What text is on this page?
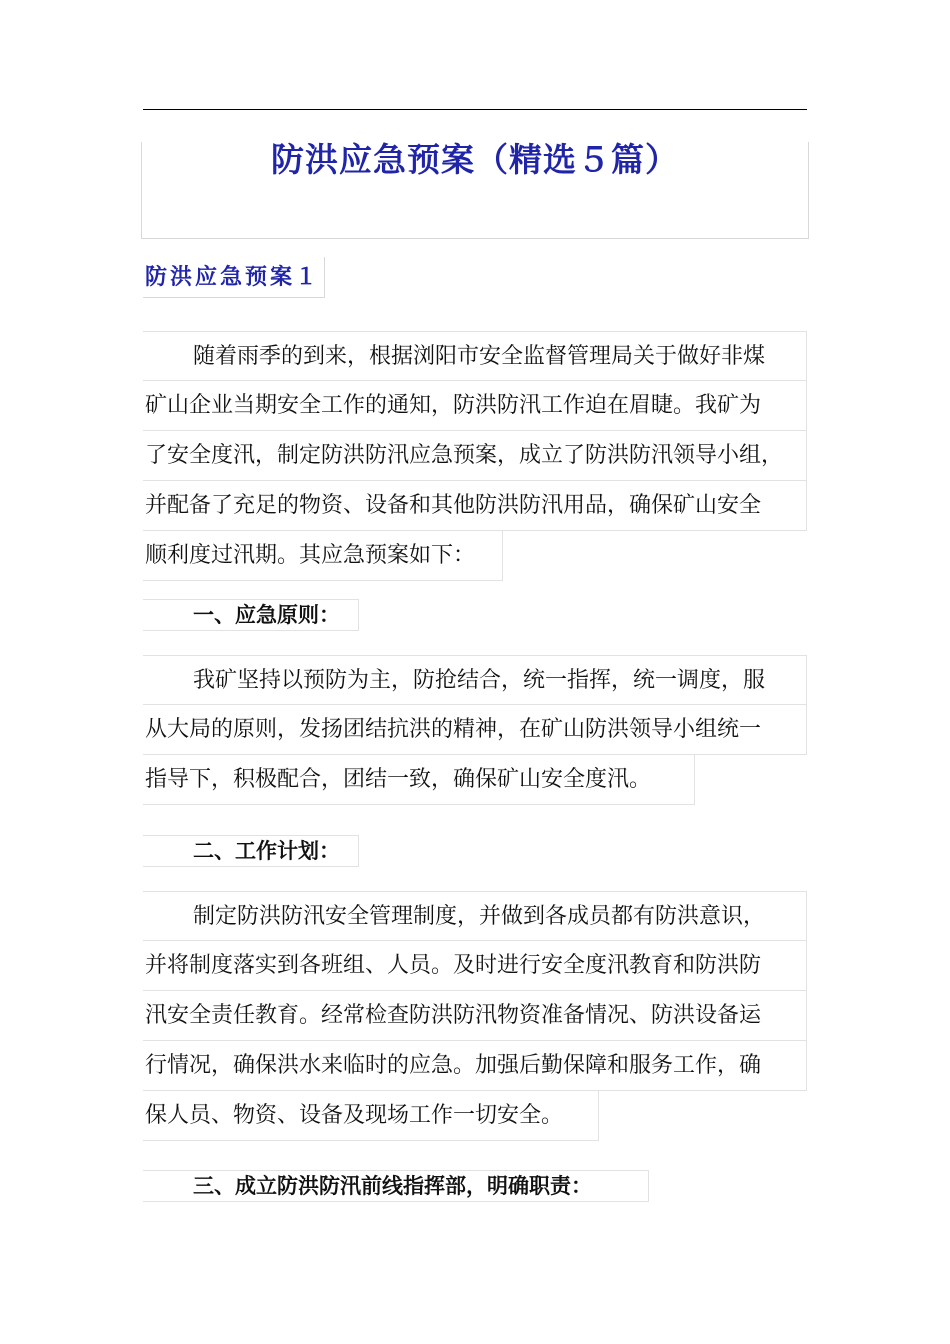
防洪应急预案（精选５篇）
防洪应急预案１
随着雨季的到来，根据浏阳市安全监督管理局关于做好非煤
矿山企业当期安全工作的通知，防洪防汛工作迫在眉睫。我矿为
了安全度汛，制定防洪防汛应急预案，成立了防洪防汛领导小组，
并配备了充足的物资、设备和其他防洪防汛用品，确保矿山安全
顺利度过汛期。其应急预案如下：
一、应急原则：
我矿坚持以预防为主，防抢结合，统一指挥，统一调度，服
从大局的原则，发扬团结抗洪的精神，在矿山防洪领导小组统一
指导下，积极配合，团结一致，确保矿山安全度汛。
二、工作计划：
制定防洪防汛安全管理制度，并做到各成员都有防洪意识，
并将制度落实到各班组、人员。及时进行安全度汛教育和防洪防
汛安全责任教育。经常检查防洪防汛物资准备情况、防洪设备运
行情况，确保洪水来临时的应急。加强后勤保障和服务工作，确
保人员、物资、设备及现场工作一切安全。
三、成立防洪防汛前线指挥部，明确职责：
